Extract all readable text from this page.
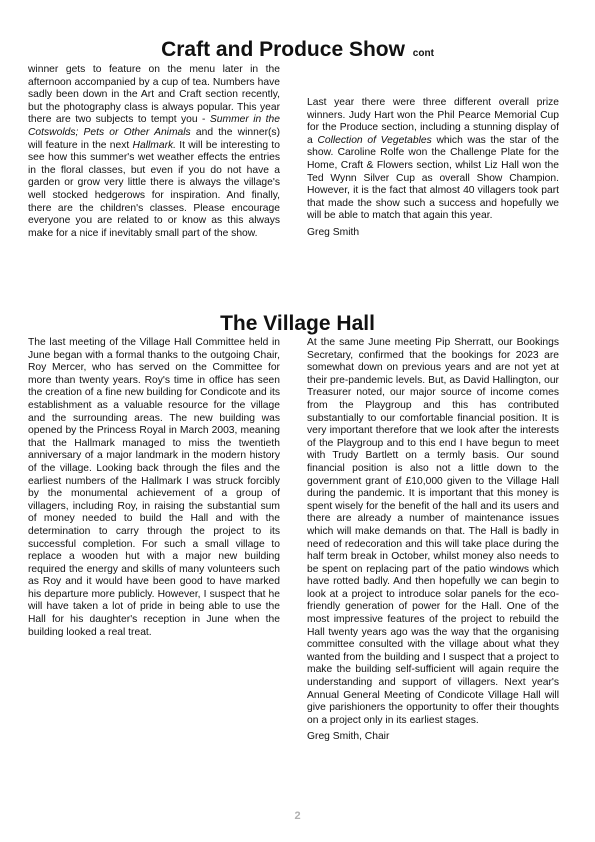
Craft and Produce Show cont

winner gets to feature on the menu later in the afternoon accompanied by a cup of tea. Numbers have sadly been down in the Art and Craft section recently, but the photography class is always popular. This year there are two subjects to tempt you - Summer in the Cotswolds; Pets or Other Animals and the winner(s) will feature in the next Hallmark. It will be interesting to see how this summer's wet weather effects the entries in the floral classes, but even if you do not have a garden or grow very little there is always the village's well stocked hedgerows for inspiration. And finally, there are the children's classes. Please encourage everyone you are related to or know as this always make for a nice if inevitably small part of the show.

Last year there were three different overall prize winners. Judy Hart won the Phil Pearce Memorial Cup for the Produce section, including a stunning display of a Collection of Vegetables which was the star of the show. Caroline Rolfe won the Challenge Plate for the Home, Craft & Flowers section, whilst Liz Hall won the Ted Wynn Silver Cup as overall Show Champion. However, it is the fact that almost 40 villagers took part that made the show such a success and hopefully we will be able to match that again this year.

Greg Smith

The Village Hall

The last meeting of the Village Hall Committee held in June began with a formal thanks to the outgoing Chair, Roy Mercer, who has served on the Committee for more than twenty years. Roy's time in office has seen the creation of a fine new building for Condicote and its establishment as a valuable resource for the village and the surrounding areas. The new building was opened by the Princess Royal in March 2003, meaning that the Hallmark managed to miss the twentieth anniversary of a major landmark in the modern history of the village. Looking back through the files and the earliest numbers of the Hallmark I was struck forcibly by the monumental achievement of a group of villagers, including Roy, in raising the substantial sum of money needed to build the Hall and with the determination to carry through the project to its successful completion. For such a small village to replace a wooden hut with a major new building required the energy and skills of many volunteers such as Roy and it would have been good to have marked his departure more publicly. However, I suspect that he will have taken a lot of pride in being able to use the Hall for his daughter's reception in June when the building looked a real treat.

At the same June meeting Pip Sherratt, our Bookings Secretary, confirmed that the bookings for 2023 are somewhat down on previous years and are not yet at their pre-pandemic levels. But, as David Hallington, our Treasurer noted, our major source of income comes from the Playgroup and this has contributed substantially to our comfortable financial position. It is very important therefore that we look after the interests of the Playgroup and to this end I have begun to meet with Trudy Bartlett on a termly basis. Our sound financial position is also not a little down to the government grant of £10,000 given to the Village Hall during the pandemic. It is important that this money is spent wisely for the benefit of the hall and its users and there are already a number of maintenance issues which will make demands on that. The Hall is badly in need of redecoration and this will take place during the half term break in October, whilst money also needs to be spent on replacing part of the patio windows which have rotted badly. And then hopefully we can begin to look at a project to introduce solar panels for the eco-friendly generation of power for the Hall. One of the most impressive features of the project to rebuild the Hall twenty years ago was the way that the organising committee consulted with the village about what they wanted from the building and I suspect that a project to make the building self-sufficient will again require the understanding and support of villagers. Next year's Annual General Meeting of Condicote Village Hall will give parishioners the opportunity to offer their thoughts on a project only in its earliest stages.

Greg Smith, Chair

2
